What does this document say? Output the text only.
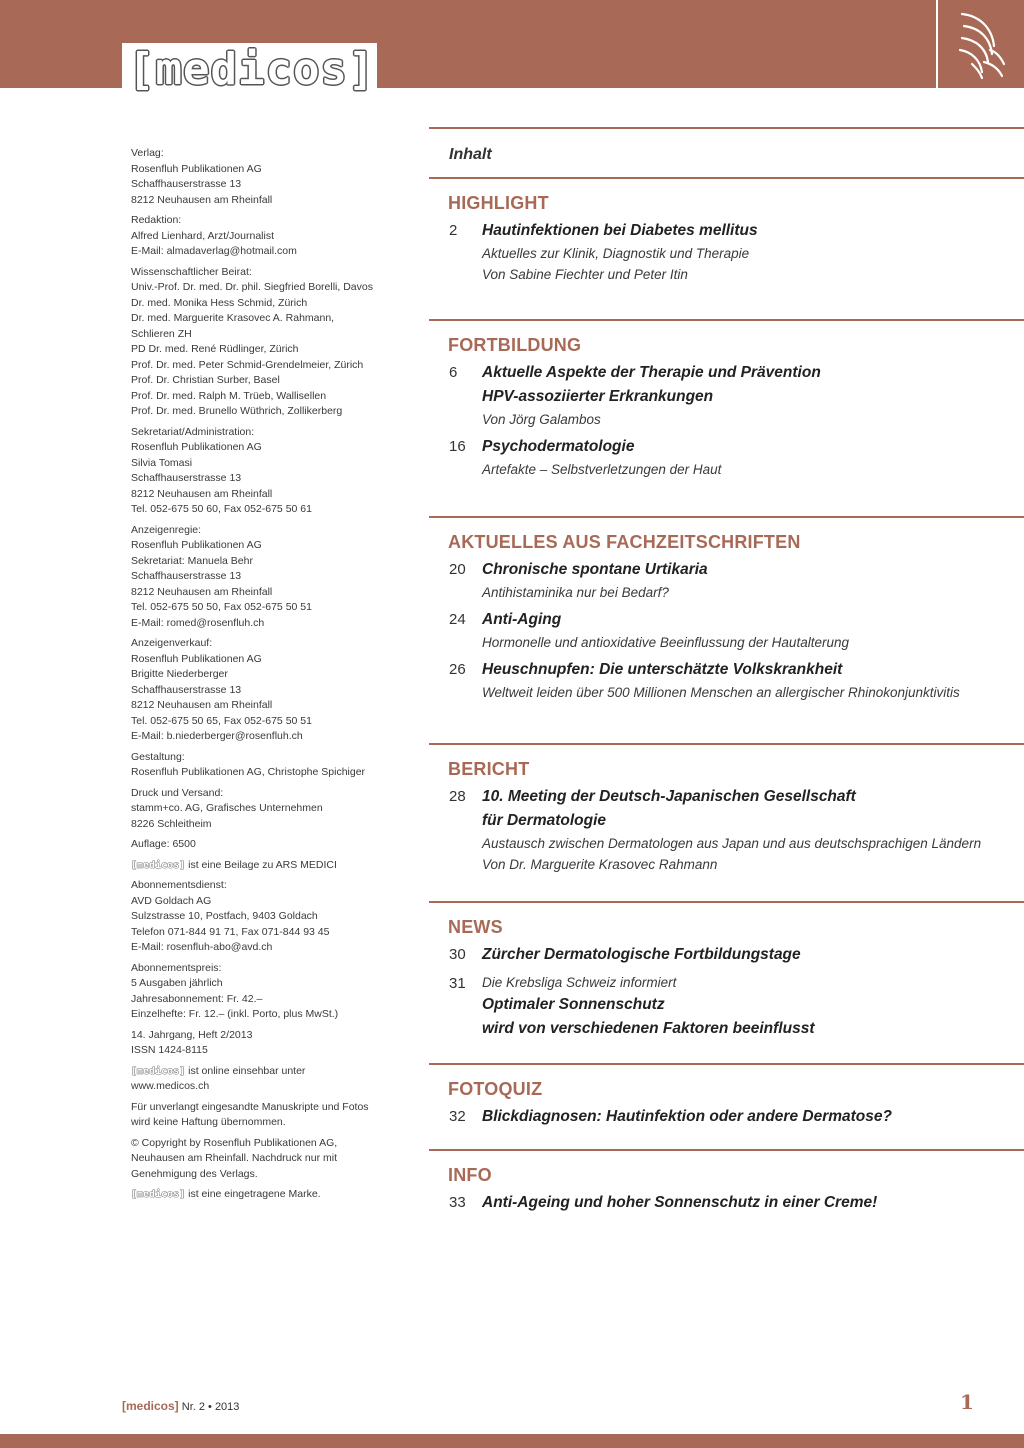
[medicos]
Verlag:
Rosenfluh Publikationen AG
Schaffhauserstrasse 13
8212 Neuhausen am Rheinfall
Redaktion:
Alfred Lienhard, Arzt/Journalist
E-Mail: almadaverlag@hotmail.com
Wissenschaftlicher Beirat:
Univ.-Prof. Dr. med. Dr. phil. Siegfried Borelli, Davos
Dr. med. Monika Hess Schmid, Zürich
Dr. med. Marguerite Krasovec A. Rahmann,
Schlieren ZH
PD Dr. med. René Rüdlinger, Zürich
Prof. Dr. med. Peter Schmid-Grendelmeier, Zürich
Prof. Dr. Christian Surber, Basel
Prof. Dr. med. Ralph M. Trüeb, Wallisellen
Prof. Dr. med. Brunello Wüthrich, Zollikerberg
Sekretariat/Administration:
Rosenfluh Publikationen AG
Silvia Tomasi
Schaffhauserstrasse 13
8212 Neuhausen am Rheinfall
Tel. 052-675 50 60, Fax 052-675 50 61
Anzeigenregie:
Rosenfluh Publikationen AG
Sekretariat: Manuela Behr
Schaffhauserstrasse 13
8212 Neuhausen am Rheinfall
Tel. 052-675 50 50, Fax 052-675 50 51
E-Mail: romed@rosenfluh.ch
Anzeigenverkauf:
Rosenfluh Publikationen AG
Brigitte Niederberger
Schaffhauserstrasse 13
8212 Neuhausen am Rheinfall
Tel. 052-675 50 65, Fax 052-675 50 51
E-Mail: b.niederberger@rosenfluh.ch
Gestaltung:
Rosenfluh Publikationen AG, Christophe Spichiger
Druck und Versand:
stamm+co. AG, Grafisches Unternehmen
8226 Schleitheim
Auflage: 6500
[medicos] ist eine Beilage zu ARS MEDICI
Abonnementsdienst:
AVD Goldach AG
Sulzstrasse 10, Postfach, 9403 Goldach
Telefon 071-844 91 71, Fax 071-844 93 45
E-Mail: rosenfluh-abo@avd.ch
Abonnementspreis:
5 Ausgaben jährlich
Jahresabonnement: Fr. 42.–
Einzelhefte: Fr. 12.– (inkl. Porto, plus MwSt.)
14. Jahrgang, Heft 2/2013
ISSN 1424-8115
[medicos] ist online einsehbar unter
www.medicos.ch
Für unverlangt eingesandte Manuskripte und Fotos
wird keine Haftung übernommen.
© Copyright by Rosenfluh Publikationen AG,
Neuhausen am Rheinfall. Nachdruck nur mit
Genehmigung des Verlags.
[medicos] ist eine eingetragene Marke.
Inhalt
HIGHLIGHT
2	Hautinfektionen bei Diabetes mellitus
Aktuelles zur Klinik, Diagnostik und Therapie
Von Sabine Fiechter und Peter Itin
FORTBILDUNG
6	Aktuelle Aspekte der Therapie und Prävention
HPV-assoziierter Erkrankungen
Von Jörg Galambos
16	Psychodermatologie
Artefakte – Selbstverletzungen der Haut
AKTUELLES AUS FACHZEITSCHRIFTEN
20	Chronische spontane Urtikaria
Antihistaminika nur bei Bedarf?
24	Anti-Aging
Hormonelle und antioxidative Beeinflussung der Hautalterung
26	Heuschnupfen: Die unterschätzte Volkskrankheit
Weltweit leiden über 500 Millionen Menschen an allergischer Rhinokonjunktivitis
BERICHT
28	10. Meeting der Deutsch-Japanischen Gesellschaft
für Dermatologie
Austausch zwischen Dermatologen aus Japan und aus deutschsprachigen Ländern
Von Dr. Marguerite Krasovec Rahmann
NEWS
30	Zürcher Dermatologische Fortbildungstage
31	Die Krebsliga Schweiz informiert
Optimaler Sonnenschutz
wird von verschiedenen Faktoren beeinflusst
FOTOQUIZ
32	Blickdiagnosen: Hautinfektion oder andere Dermatose?
INFO
33	Anti-Ageing und hoher Sonnenschutz in einer Creme!
[medicos] Nr. 2 • 2013	1
